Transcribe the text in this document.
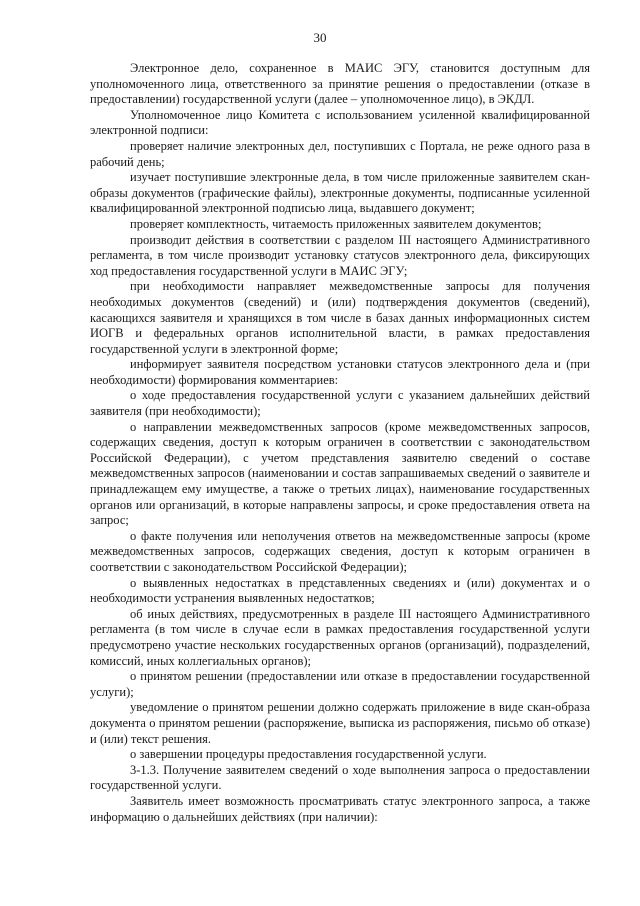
30

Электронное дело, сохраненное в МАИС ЭГУ, становится доступным для уполномоченного лица, ответственного за принятие решения о предоставлении (отказе в предоставлении) государственной услуги (далее – уполномоченное лицо), в ЭКДЛ.

Уполномоченное лицо Комитета с использованием усиленной квалифицированной электронной подписи:

проверяет наличие электронных дел, поступивших с Портала, не реже одного раза в рабочий день;

изучает поступившие электронные дела, в том числе приложенные заявителем скан-образы документов (графические файлы), электронные документы, подписанные усиленной квалифицированной электронной подписью лица, выдавшего документ;

проверяет комплектность, читаемость приложенных заявителем документов;

производит действия в соответствии с разделом III настоящего Административного регламента, в том числе производит установку статусов электронного дела, фиксирующих ход предоставления государственной услуги в МАИС ЭГУ;

при необходимости направляет межведомственные запросы для получения необходимых документов (сведений) и (или) подтверждения документов (сведений), касающихся заявителя и хранящихся в том числе в базах данных информационных систем ИОГВ и федеральных органов исполнительной власти, в рамках предоставления государственной услуги в электронной форме;

информирует заявителя посредством установки статусов электронного дела и (при необходимости) формирования комментариев:

о ходе предоставления государственной услуги с указанием дальнейших действий заявителя (при необходимости);

о направлении межведомственных запросов (кроме межведомственных запросов, содержащих сведения, доступ к которым ограничен в соответствии с законодательством Российской Федерации), с учетом представления заявителю сведений о составе межведомственных запросов (наименовании и состав запрашиваемых сведений о заявителе и принадлежащем ему имуществе, а также о третьих лицах), наименование государственных органов или организаций, в которые направлены запросы, и сроке предоставления ответа на запрос;

о факте получения или неполучения ответов на межведомственные запросы (кроме межведомственных запросов, содержащих сведения, доступ к которым ограничен в соответствии с законодательством Российской Федерации);

о выявленных недостатках в представленных сведениях и (или) документах и о необходимости устранения выявленных недостатков;

об иных действиях, предусмотренных в разделе III настоящего Административного регламента (в том числе в случае если в рамках предоставления государственной услуги предусмотрено участие нескольких государственных органов (организаций), подразделений, комиссий, иных коллегиальных органов);

о принятом решении (предоставлении или отказе в предоставлении государственной услуги);

уведомление о принятом решении должно содержать приложение в виде скан-образа документа о принятом решении (распоряжение, выписка из распоряжения, письмо об отказе) и (или) текст решения.

о завершении процедуры предоставления государственной услуги.

3-1.3. Получение заявителем сведений о ходе выполнения запроса о предоставлении государственной услуги.

Заявитель имеет возможность просматривать статус электронного запроса, а также информацию о дальнейших действиях (при наличии):
